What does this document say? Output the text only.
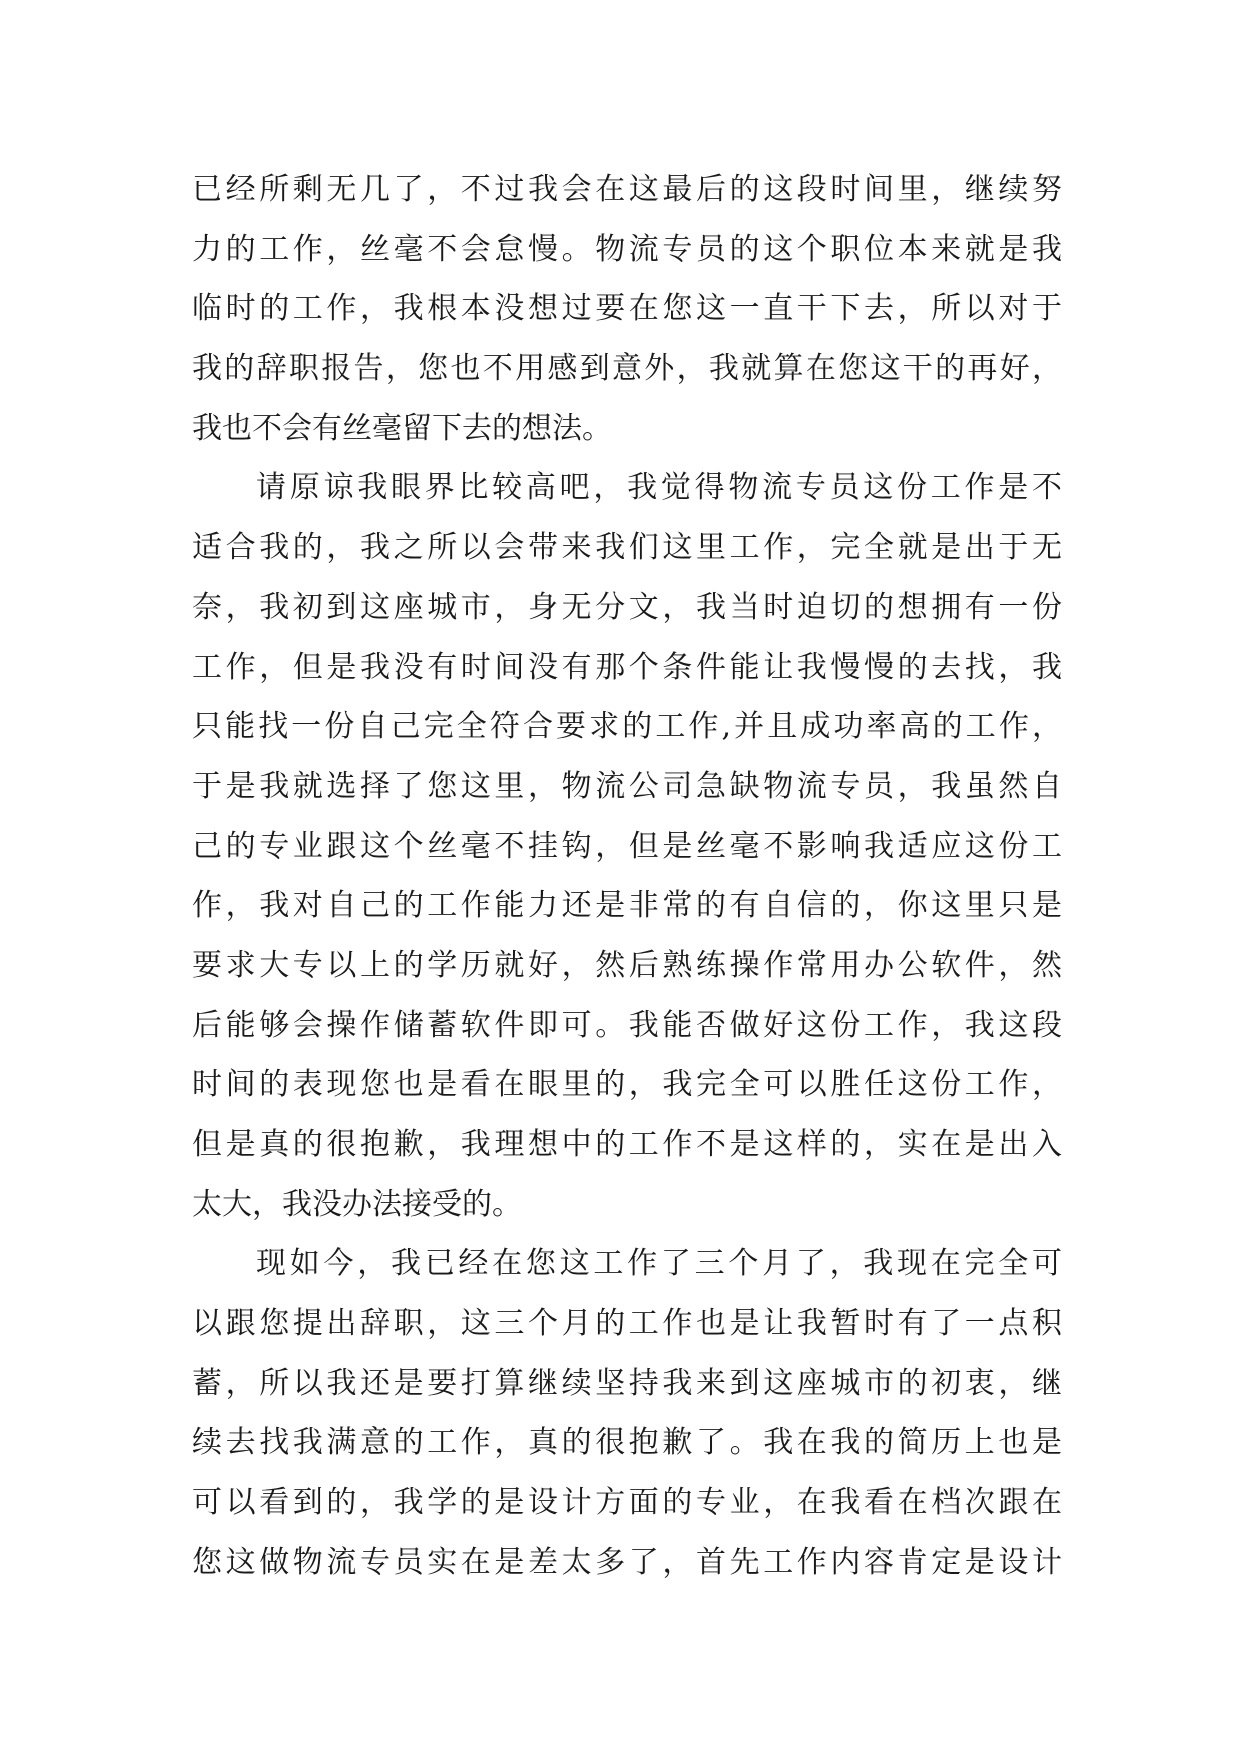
已经所剩无几了，不过我会在这最后的这段时间里，继续努
力的工作，丝毫不会怠慢。物流专员的这个职位本来就是我
临时的工作，我根本没想过要在您这一直干下去，所以对于
我的辞职报告，您也不用感到意外，我就算在您这干的再好，
我也不会有丝毫留下去的想法。
请原谅我眼界比较高吧，我觉得物流专员这份工作是不
适合我的，我之所以会带来我们这里工作，完全就是出于无
奈，我初到这座城市，身无分文，我当时迫切的想拥有一份
工作，但是我没有时间没有那个条件能让我慢慢的去找，我
只能找一份自己完全符合要求的工作,并且成功率高的工作，
于是我就选择了您这里，物流公司急缺物流专员，我虽然自
己的专业跟这个丝毫不挂钩，但是丝毫不影响我适应这份工
作，我对自己的工作能力还是非常的有自信的，你这里只是
要求大专以上的学历就好，然后熟练操作常用办公软件，然
后能够会操作储蓄软件即可。我能否做好这份工作，我这段
时间的表现您也是看在眼里的，我完全可以胜任这份工作，
但是真的很抱歉，我理想中的工作不是这样的，实在是出入
太大，我没办法接受的。
现如今，我已经在您这工作了三个月了，我现在完全可
以跟您提出辞职，这三个月的工作也是让我暂时有了一点积
蓄，所以我还是要打算继续坚持我来到这座城市的初衷，继
续去找我满意的工作，真的很抱歉了。我在我的简历上也是
可以看到的，我学的是设计方面的专业，在我看在档次跟在
您这做物流专员实在是差太多了，首先工作内容肯定是设计
